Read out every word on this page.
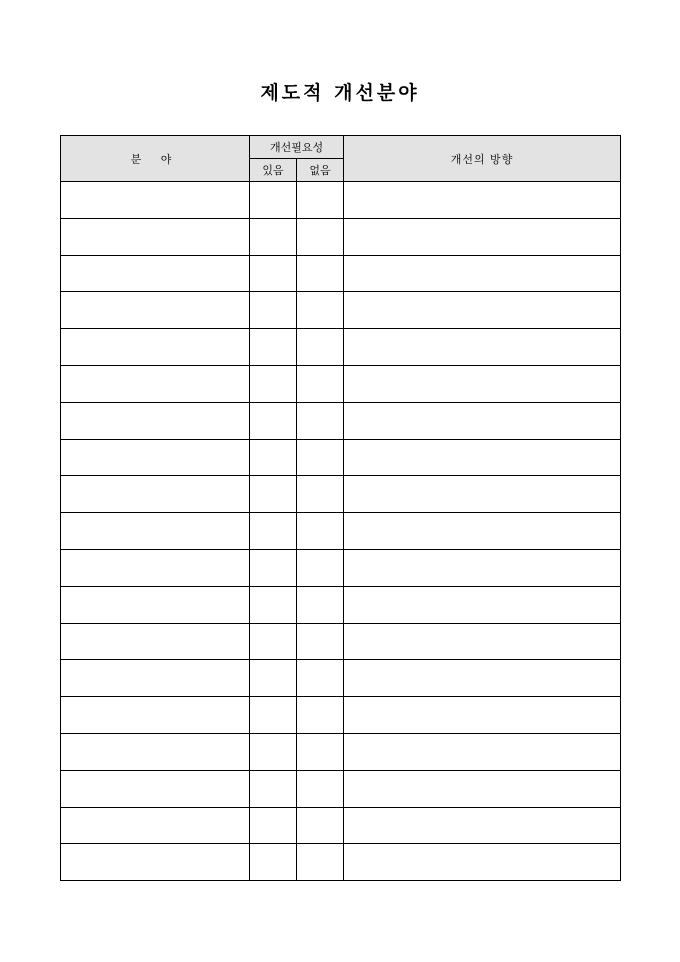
제도적 개선분야
분 야	개선필요성		개선의 방향
	있음	없음	
